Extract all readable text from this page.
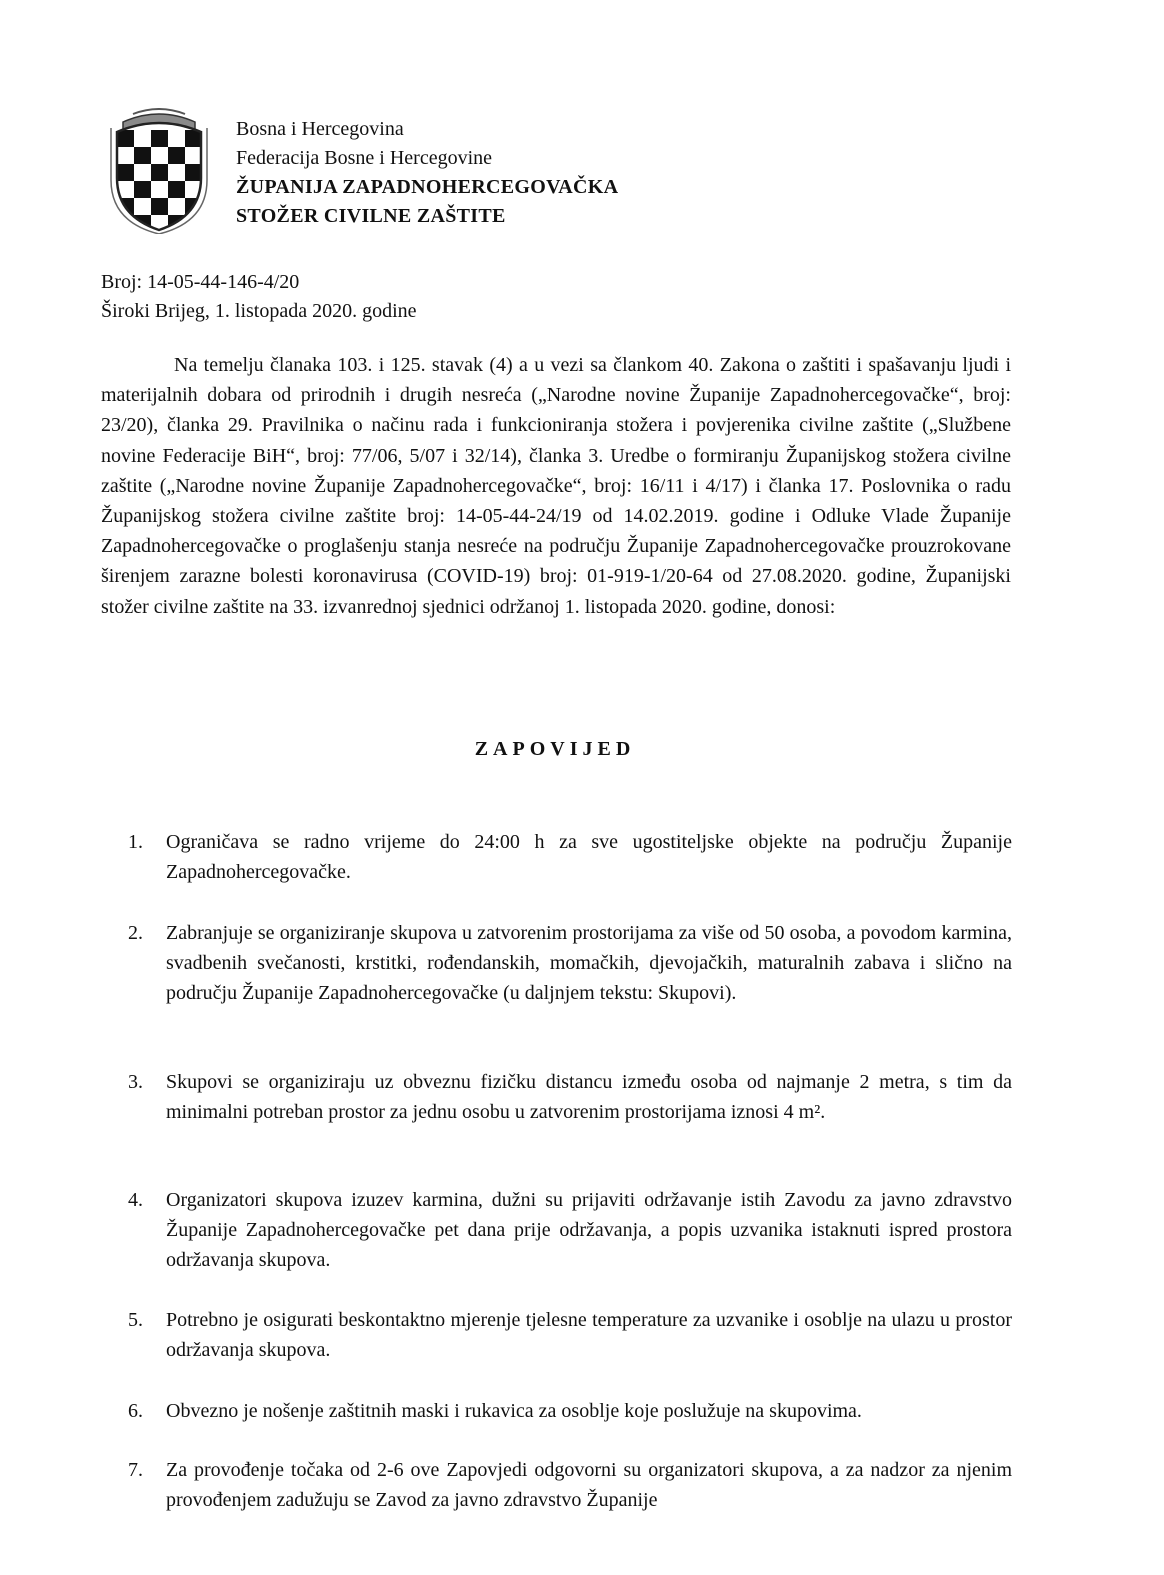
Bosna i Hercegovina
Federacija Bosne i Hercegovine
ŽUPANIJA ZAPADNOHERCEGOVAČKA
STOŽER CIVILNE ZAŠTITE
Broj: 14-05-44-146-4/20
Široki Brijeg, 1. listopada 2020. godine
Na temelju članaka 103. i 125. stavak (4) a u vezi sa člankom 40. Zakona o zaštiti i spašavanju ljudi i materijalnih dobara od prirodnih i drugih nesreća („Narodne novine Županije Zapadnohercegovačke“, broj: 23/20), članka 29. Pravilnika o načinu rada i funkcioniranja stožera i povjerenika civilne zaštite („Službene novine Federacije BiH“, broj: 77/06, 5/07 i 32/14), članka 3. Uredbe o formiranju Županijskog stožera civilne zaštite („Narodne novine Županije Zapadnohercegovačke“, broj: 16/11 i 4/17) i članka 17. Poslovnika o radu Županijskog stožera civilne zaštite broj: 14-05-44-24/19 od 14.02.2019. godine i Odluke Vlade Županije Zapadnohercegovačke o proglašenju stanja nesreće na području Županije Zapadnohercegovačke prouzrokovane širenjem zarazne bolesti koronavirusa (COVID-19) broj: 01-919-1/20-64 od 27.08.2020. godine, Županijski stožer civilne zaštite na 33. izvanrednoj sjednici održanoj 1. listopada 2020. godine, donosi:
ZAPOVIJED
1.	Ograničava se radno vrijeme do 24:00 h za sve ugostiteljske objekte na području Županije Zapadnohercegovačke.
2.	Zabranjuje se organiziranje skupova u zatvorenim prostorijama za više od 50 osoba, a povodom karmina, svadbenih svečanosti, krstitki, rođendanskih, momačkih, djevojačkih, maturalnih zabava i slično na području Županije Zapadnohercegovačke (u daljnjem tekstu: Skupovi).
3.	Skupovi se organiziraju uz obveznu fizičku distancu između osoba od najmanje 2 metra, s tim da minimalni potreban prostor za jednu osobu u zatvorenim prostorijama iznosi 4 m².
4.	Organizatori skupova izuzev karmina, dužni su prijaviti održavanje istih Zavodu za javno zdravstvo Županije Zapadnohercegovačke pet dana prije održavanja, a popis uzvanika istaknuti ispred prostora održavanja skupova.
5.	Potrebno je osigurati beskontaktno mjerenje tjelesne temperature za uzvanike i osoblje na ulazu u prostor održavanja skupova.
6.	Obvezno je nošenje zaštitnih maski i rukavica za osoblje koje poslužuje na skupovima.
7.	Za provođenje točaka od 2-6 ove Zapovjedi odgovorni su organizatori skupova, a za nadzor za njenim provođenjem zadužuju se Zavod za javno zdravstvo Županije
